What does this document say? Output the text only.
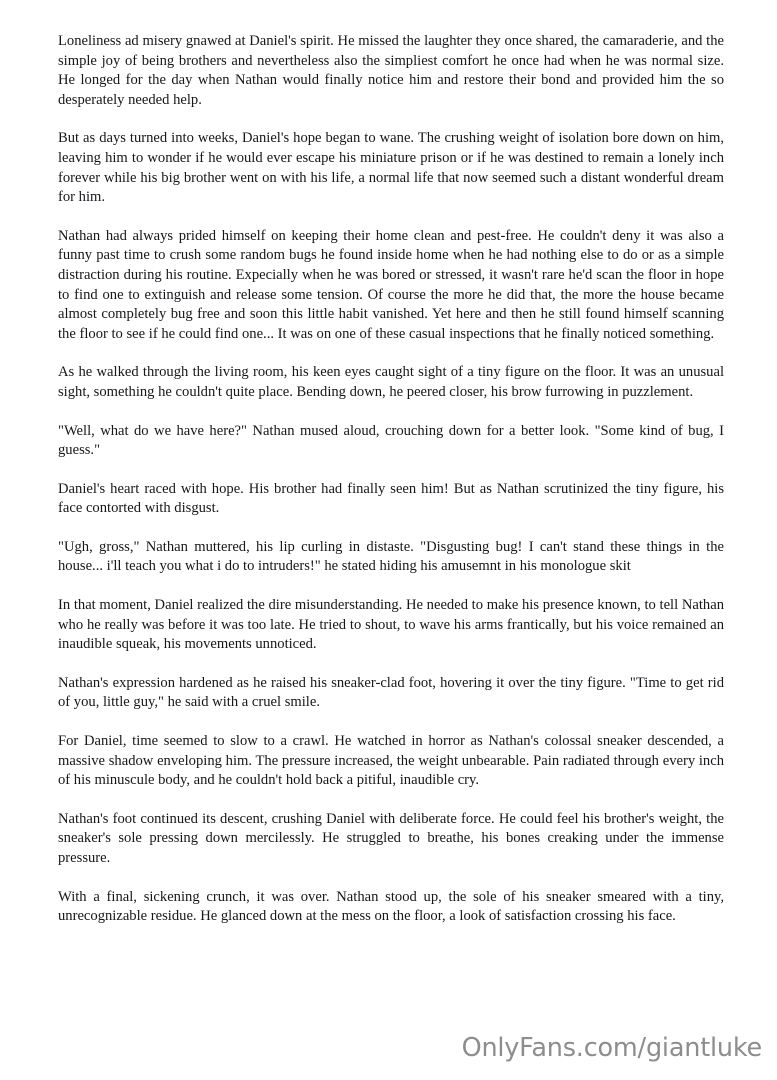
Loneliness ad misery gnawed at Daniel's spirit. He missed the laughter they once shared, the camaraderie, and the simple joy of being brothers and nevertheless also the simpliest comfort he once had when he was normal size. He longed for the day when Nathan would finally notice him and restore their bond and provided him the so desperately needed help.

But as days turned into weeks, Daniel's hope began to wane. The crushing weight of isolation bore down on him, leaving him to wonder if he would ever escape his miniature prison or if he was destined to remain a lonely inch forever while his big brother went on with his life, a normal life that now seemed such a distant wonderful dream for him.

Nathan had always prided himself on keeping their home clean and pest-free. He couldn't deny it was also a funny past time to crush some random bugs he found inside home when he had nothing else to do or as a simple distraction during his routine. Expecially when he was bored or stressed, it wasn't rare he'd scan the floor in hope to find one to extinguish and release some tension. Of course the more he did that, the more the house became almost completely bug free and soon this little habit vanished. Yet here and then he still found himself scanning the floor to see if he could find one... It was on one of these casual inspections that he finally noticed something.

As he walked through the living room, his keen eyes caught sight of a tiny figure on the floor. It was an unusual sight, something he couldn't quite place. Bending down, he peered closer, his brow furrowing in puzzlement.

"Well, what do we have here?" Nathan mused aloud, crouching down for a better look. "Some kind of bug, I guess."

Daniel's heart raced with hope. His brother had finally seen him! But as Nathan scrutinized the tiny figure, his face contorted with disgust.

"Ugh, gross," Nathan muttered, his lip curling in distaste. "Disgusting bug! I can't stand these things in the house... i'll teach you what i do to intruders!" he stated hiding his amusemnt in his monologue skit

In that moment, Daniel realized the dire misunderstanding. He needed to make his presence known, to tell Nathan who he really was before it was too late. He tried to shout, to wave his arms frantically, but his voice remained an inaudible squeak, his movements unnoticed.

Nathan's expression hardened as he raised his sneaker-clad foot, hovering it over the tiny figure. "Time to get rid of you, little guy," he said with a cruel smile.

For Daniel, time seemed to slow to a crawl. He watched in horror as Nathan's colossal sneaker descended, a massive shadow enveloping him. The pressure increased, the weight unbearable. Pain radiated through every inch of his minuscule body, and he couldn't hold back a pitiful, inaudible cry.

Nathan's foot continued its descent, crushing Daniel with deliberate force. He could feel his brother's weight, the sneaker's sole pressing down mercilessly. He struggled to breathe, his bones creaking under the immense pressure.

With a final, sickening crunch, it was over. Nathan stood up, the sole of his sneaker smeared with a tiny, unrecognizable residue. He glanced down at the mess on the floor, a look of satisfaction crossing his face.

OnlyFans.com/giantluke
